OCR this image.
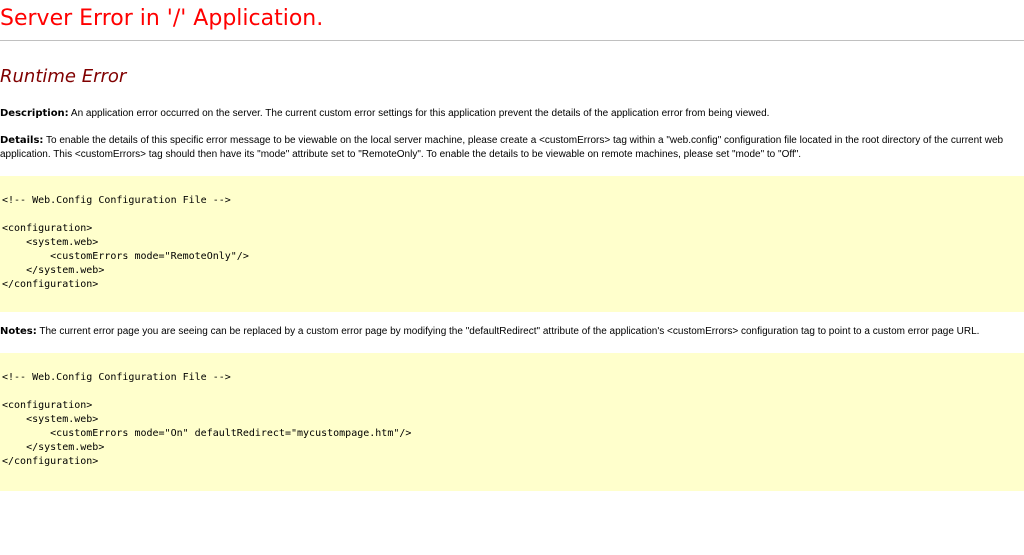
Server Error in '/' Application.
Runtime Error

Description: An application error occurred on the server. The current custom error settings for this application prevent the details of the application error from being viewed.

Details: To enable the details of this specific error message to be viewable on the local server machine, please create a <customErrors> tag within a "web.config" configuration file located in the root directory of the current web
application. This <customErrors> tag should then have its "mode" attribute set to "RemoteOnly". To enable the details to be viewable on remote machines, please set "mode" to "Off".

<!-- Web.Config Configuration File -->
<configuration>
<system.web>
<customErrors mode="RemoteOnly"/>
</system.web>
</configuration>

Notes: The current error page you are seeing can be replaced by a custom error page by modifying the "defaultRedirect" attribute of the application's <customErrors> configuration tag to point to a custom error page URL.

<!-- Web.Config Configuration File -->
<configuration>
<system.web>
<customErrors mode="On" defaultRedirect="mycustompage.htm"/>
</system.web>
</configuration>
